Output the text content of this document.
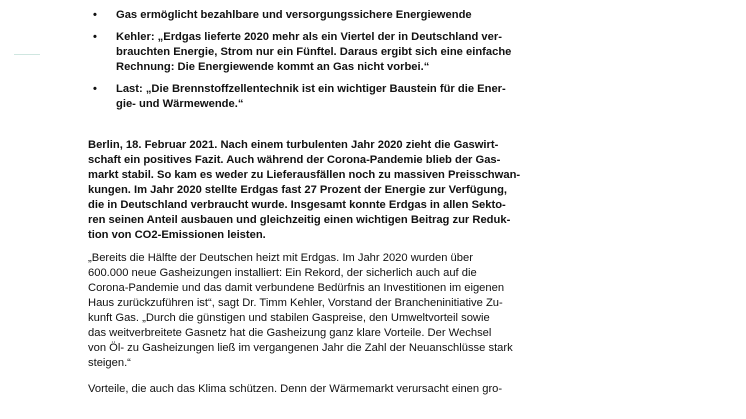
• Gas ermöglicht bezahlbare und versorgungssichere Energiewende
• Kehler: „Erdgas lieferte 2020 mehr als ein Viertel der in Deutschland ver-
brauchten Energie, Strom nur ein Fünftel. Daraus ergibt sich eine einfache
Rechnung: Die Energiewende kommt an Gas nicht vorbei.“
• Last: „Die Brennstoffzellentechnik ist ein wichtiger Baustein für die Ener-
gie- und Wärmewende.“

Berlin, 18. Februar 2021. Nach einem turbulenten Jahr 2020 zieht die Gaswirt-
schaft ein positives Fazit. Auch während der Corona-Pandemie blieb der Gas-
markt stabil. So kam es weder zu Lieferausfällen noch zu massiven Preisschwan-
kungen. Im Jahr 2020 stellte Erdgas fast 27 Prozent der Energie zur Verfügung,
die in Deutschland verbraucht wurde. Insgesamt konnte Erdgas in allen Sekto-
ren seinen Anteil ausbauen und gleichzeitig einen wichtigen Beitrag zur Reduk-
tion von CO2-Emissionen leisten.

„Bereits die Hälfte der Deutschen heizt mit Erdgas. Im Jahr 2020 wurden über
600.000 neue Gasheizungen installiert: Ein Rekord, der sicherlich auch auf die
Corona-Pandemie und das damit verbundene Bedürfnis an Investitionen im eigenen
Haus zurückzuführen ist“, sagt Dr. Timm Kehler, Vorstand der Brancheninitiative Zu-
kunft Gas. „Durch die günstigen und stabilen Gaspreise, den Umweltvorteil sowie
das weitverbreitete Gasnetz hat die Gasheizung ganz klare Vorteile. Der Wechsel
von Öl- zu Gasheizungen ließ im vergangenen Jahr die Zahl der Neuanschlüsse stark
steigen.“

Vorteile, die auch das Klima schützen. Denn der Wärmemarkt verursacht einen gro-
